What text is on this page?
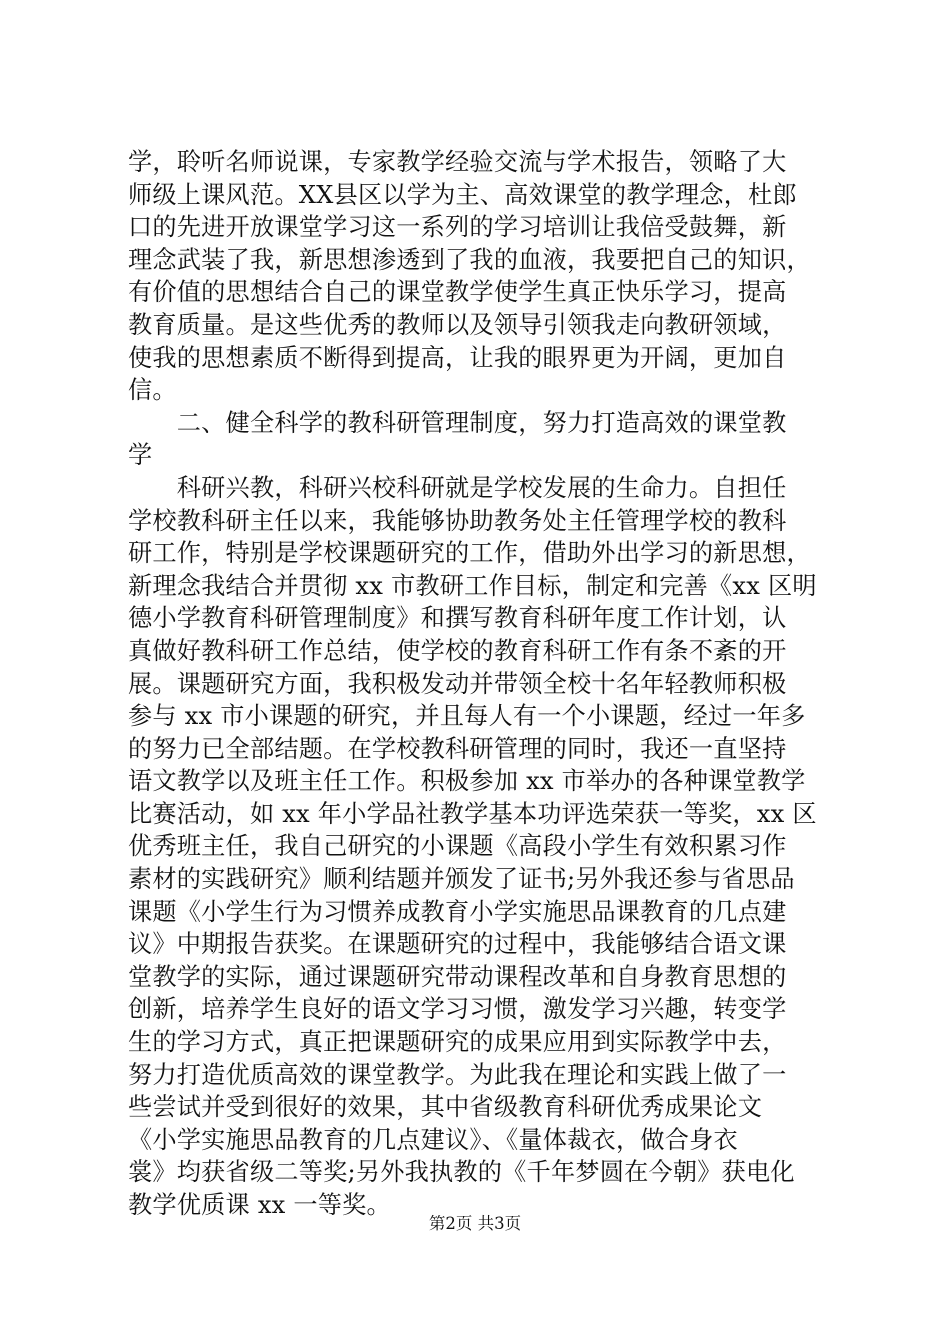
学，聆听名师说课，专家教学经验交流与学术报告，领略了大
师级上课风范。XX县区以学为主、高效课堂的教学理念，杜郎
口的先进开放课堂学习这一系列的学习培训让我倍受鼓舞，新
理念武装了我，新思想渗透到了我的血液，我要把自己的知识，
有价值的思想结合自己的课堂教学使学生真正快乐学习，提高
教育质量。是这些优秀的教师以及领导引领我走向教研领域，
使我的思想素质不断得到提高，让我的眼界更为开阔，更加自
信。
　　二、健全科学的教科研管理制度，努力打造高效的课堂教
学
　　科研兴教，科研兴校科研就是学校发展的生命力。自担任
学校教科研主任以来，我能够协助教务处主任管理学校的教科
研工作，特别是学校课题研究的工作，借助外出学习的新思想，
新理念我结合并贯彻 xx 市教研工作目标，制定和完善《xx 区明
德小学教育科研管理制度》和撰写教育科研年度工作计划，认
真做好教科研工作总结，使学校的教育科研工作有条不紊的开
展。课题研究方面，我积极发动并带领全校十名年轻教师积极
参与 xx 市小课题的研究，并且每人有一个小课题，经过一年多
的努力已全部结题。在学校教科研管理的同时，我还一直坚持
语文教学以及班主任工作。积极参加 xx 市举办的各种课堂教学
比赛活动，如 xx 年小学品社教学基本功评选荣获一等奖，xx 区
优秀班主任，我自己研究的小课题《高段小学生有效积累习作
素材的实践研究》顺利结题并颁发了证书;另外我还参与省思品
课题《小学生行为习惯养成教育小学实施思品课教育的几点建
议》中期报告获奖。在课题研究的过程中，我能够结合语文课
堂教学的实际，通过课题研究带动课程改革和自身教育思想的
创新，培养学生良好的语文学习习惯，激发学习兴趣，转变学
生的学习方式，真正把课题研究的成果应用到实际教学中去，
努力打造优质高效的课堂教学。为此我在理论和实践上做了一
些尝试并受到很好的效果，其中省级教育科研优秀成果论文
《小学实施思品教育的几点建议》、《量体裁衣，做合身衣
裳》均获省级二等奖;另外我执教的《千年梦圆在今朝》获电化
教学优质课 xx 一等奖。
第2页 共3页
